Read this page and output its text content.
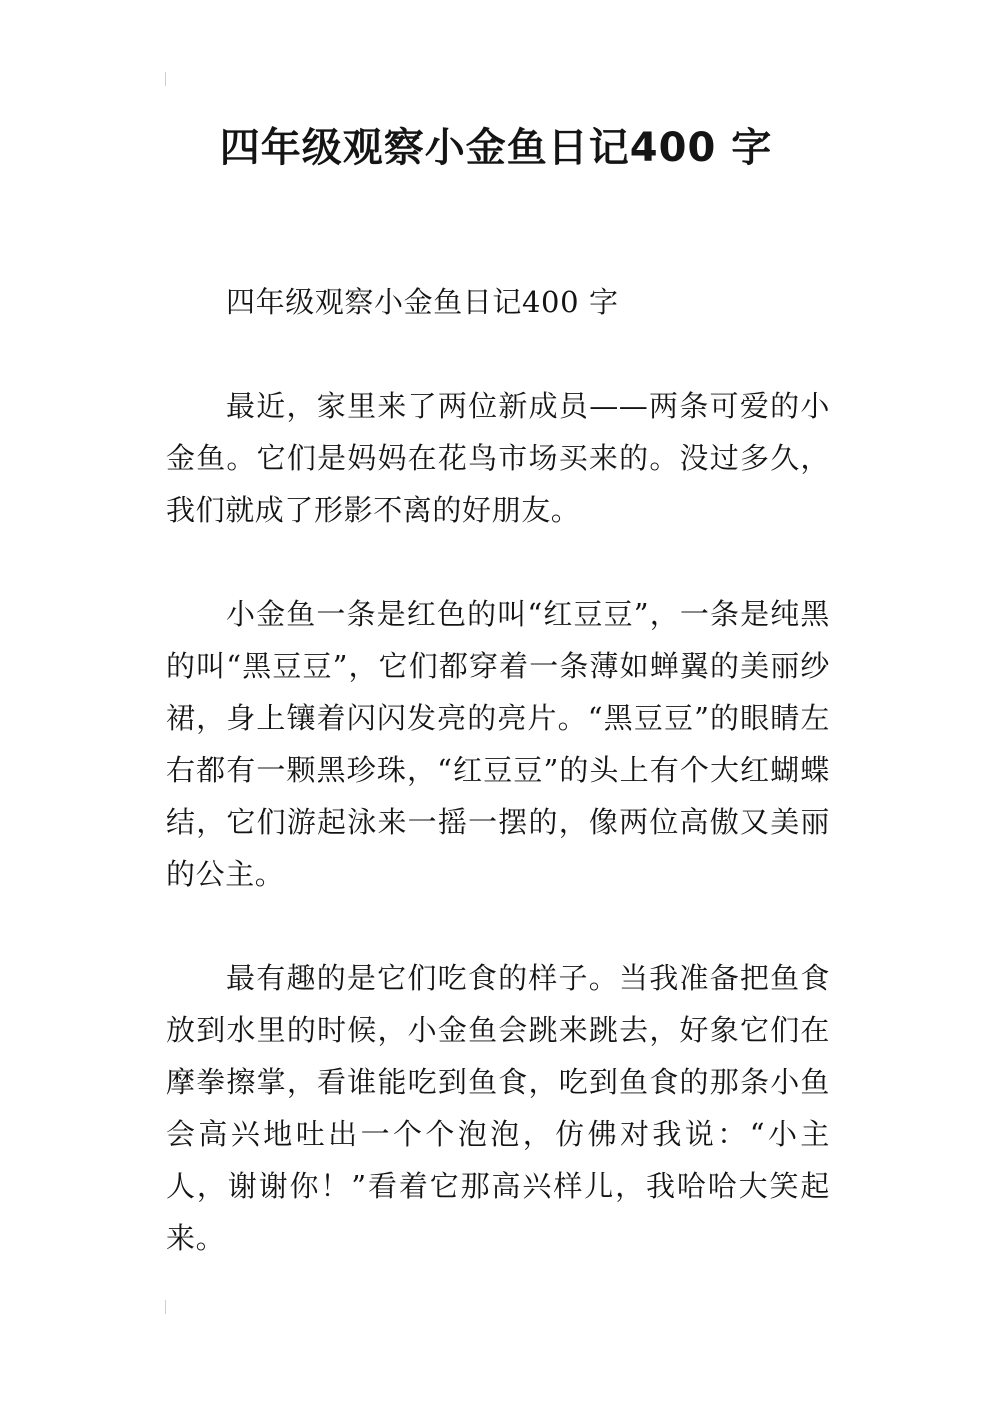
四年级观察小金鱼日记400 字

四年级观察小金鱼日记400 字

最近，家里来了两位新成员——两条可爱的小金鱼。它们是妈妈在花鸟市场买来的。没过多久，我们就成了形影不离的好朋友。

小金鱼一条是红色的叫“红豆豆”，一条是纯黑的叫“黑豆豆”，它们都穿着一条薄如蝉翼的美丽纱裙，身上镶着闪闪发亮的亮片。“黑豆豆”的眼睛左右都有一颗黑珍珠，“红豆豆”的头上有个大红蝴蝶结，它们游起泳来一摇一摆的，像两位高傲又美丽的公主。

最有趣的是它们吃食的样子。当我准备把鱼食放到水里的时候，小金鱼会跳来跳去，好象它们在摩拳擦掌，看谁能吃到鱼食，吃到鱼食的那条小鱼会高兴地吐出一个个泡泡，仿佛对我说：“小主人，谢谢你！”看着它那高兴样儿，我哈哈大笑起来。
